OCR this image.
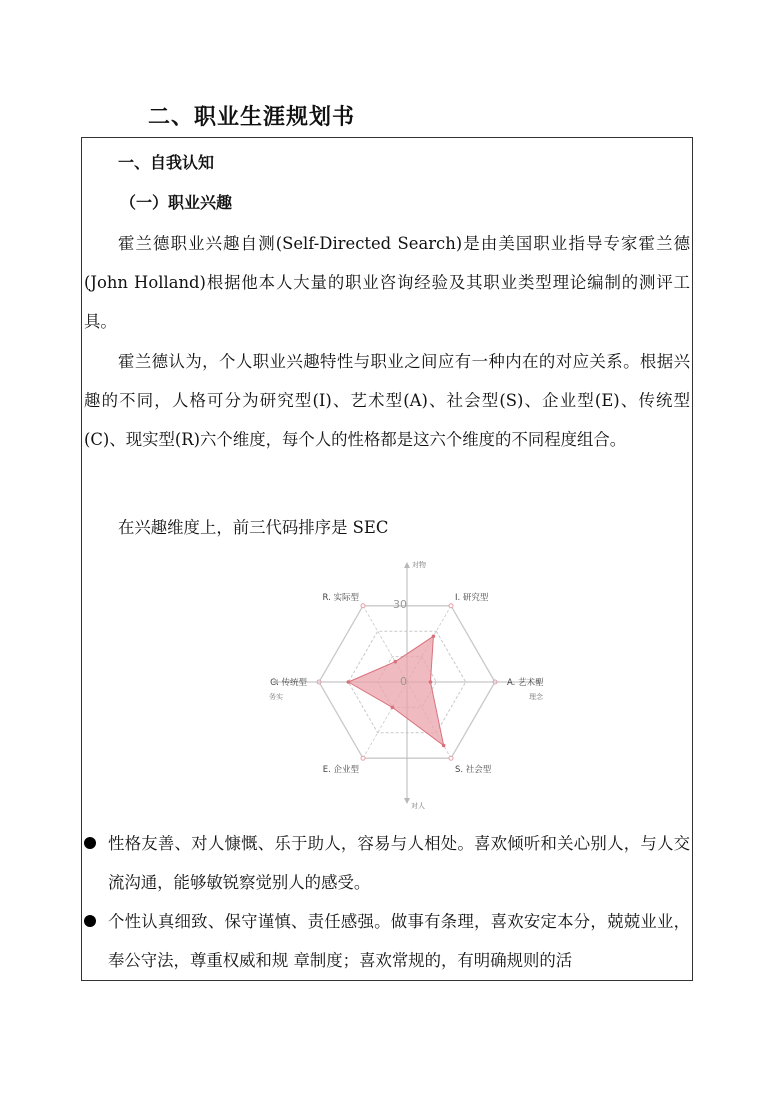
二、职业生涯规划书
一、自我认知
（一）职业兴趣

霍兰德职业兴趣自测(Self-Directed Search)是由美国职业指导专家霍兰德(John Holland)根据他本人大量的职业咨询经验及其职业类型理论编制的测评工具。

霍兰德认为，个人职业兴趣特性与职业之间应有一种内在的对应关系。根据兴趣的不同，人格可分为研究型(I)、艺术型(A)、社会型(S)、企业型(E)、传统型(C)、现实型(R)六个维度，每个人的性格都是这六个维度的不同程度组合。

在兴趣维度上，前三代码排序是 SEC

对物
对人
务实	理念
30
0
I. 研究型
A. 艺术型
S. 社会型
E. 企业型
C. 传统型
R. 实际型
性格友善、对人慷慨、乐于助人，容易与人相处。喜欢倾听和关心别人，与人交流沟通，能够敏锐察觉别人的感受。
个性认真细致、保守谨慎、责任感强。做事有条理，喜欢安定本分，兢兢业业，奉公守法，尊重权威和规 章制度；喜欢常规的，有明确规则的活
